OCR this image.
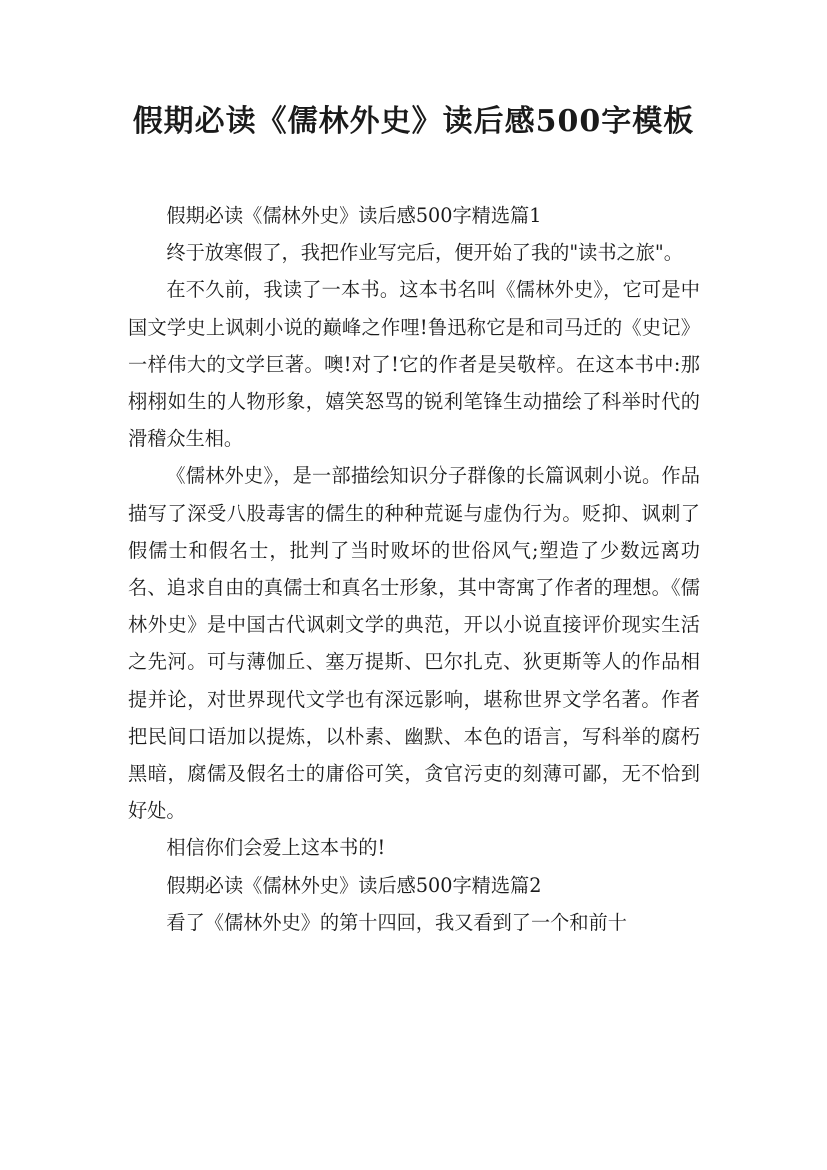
假期必读《儒林外史》读后感500字模板

假期必读《儒林外史》读后感500字精选篇1

终于放寒假了，我把作业写完后，便开始了我的"读书之旅"。

在不久前，我读了一本书。这本书名叫《儒林外史》，它可是中国文学史上讽刺小说的巅峰之作哩!鲁迅称它是和司马迁的《史记》一样伟大的文学巨著。噢!对了!它的作者是吴敬梓。在这本书中:那栩栩如生的人物形象，嬉笑怒骂的锐利笔锋生动描绘了科举时代的滑稽众生相。

《儒林外史》，是一部描绘知识分子群像的长篇讽刺小说。作品描写了深受八股毒害的儒生的种种荒诞与虚伪行为。贬抑、讽刺了假儒士和假名士，批判了当时败坏的世俗风气;塑造了少数远离功名、追求自由的真儒士和真名士形象，其中寄寓了作者的理想。《儒林外史》是中国古代讽刺文学的典范，开以小说直接评价现实生活之先河。可与薄伽丘、塞万提斯、巴尔扎克、狄更斯等人的作品相提并论，对世界现代文学也有深远影响，堪称世界文学名著。作者把民间口语加以提炼，以朴素、幽默、本色的语言，写科举的腐朽黑暗，腐儒及假名士的庸俗可笑，贪官污吏的刻薄可鄙，无不恰到好处。

相信你们会爱上这本书的!

假期必读《儒林外史》读后感500字精选篇2

看了《儒林外史》的第十四回，我又看到了一个和前十
